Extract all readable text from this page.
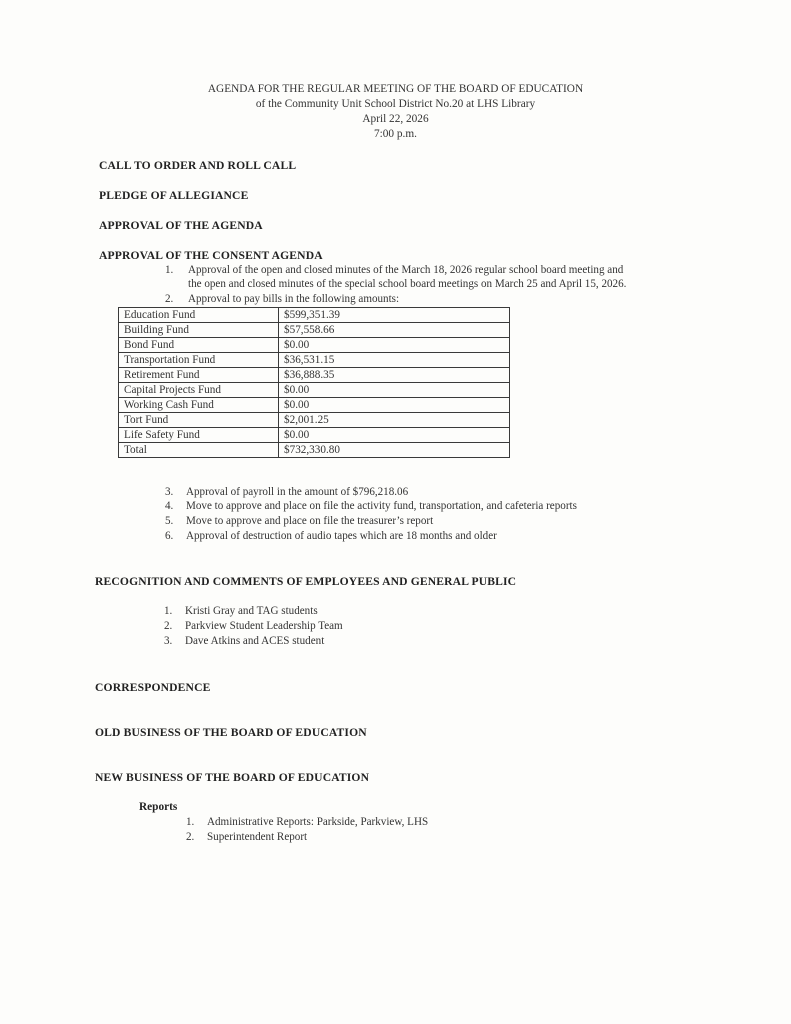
AGENDA FOR THE REGULAR MEETING OF THE BOARD OF EDUCATION
of the Community Unit School District No.20 at LHS Library
April 22, 2026
7:00 p.m.
CALL TO ORDER AND ROLL CALL
PLEDGE OF ALLEGIANCE
APPROVAL OF THE AGENDA
APPROVAL OF THE CONSENT AGENDA
1. Approval of the open and closed minutes of the March 18, 2026 regular school board meeting and
the open and closed minutes of the special school board meetings on March 25 and April 15, 2026.
2. Approval to pay bills in the following amounts:
Education Fund	$599,351.39
Building Fund	$57,558.66
Bond Fund	$0.00
Transportation Fund	$36,531.15
Retirement Fund	$36,888.35
Capital Projects Fund	$0.00
Working Cash Fund	$0.00
Tort Fund	$2,001.25
Life Safety Fund	$0.00
Total	$732,330.80
3. Approval of payroll in the amount of $796,218.06
4. Move to approve and place on file the activity fund, transportation, and cafeteria reports
5. Move to approve and place on file the treasurer’s report
6. Approval of destruction of audio tapes which are 18 months and older
RECOGNITION AND COMMENTS OF EMPLOYEES AND GENERAL PUBLIC
1. Kristi Gray and TAG students
2. Parkview Student Leadership Team
3. Dave Atkins and ACES student
CORRESPONDENCE
OLD BUSINESS OF THE BOARD OF EDUCATION
NEW BUSINESS OF THE BOARD OF EDUCATION
Reports
1. Administrative Reports: Parkside, Parkview, LHS
2. Superintendent Report
